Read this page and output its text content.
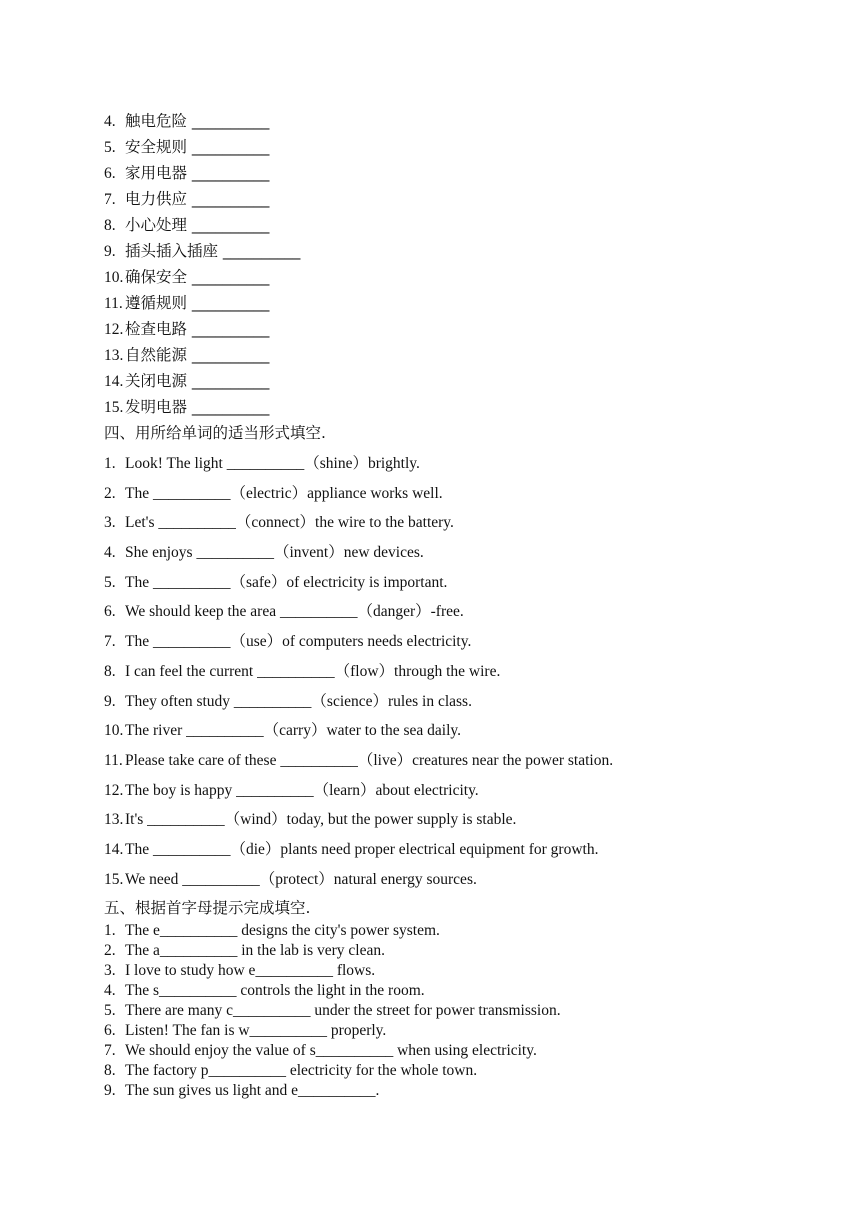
4. 触电危险 __________
5. 安全规则 __________
6. 家用电器 __________
7. 电力供应 __________
8. 小心处理 __________
9. 插头插入插座 __________
10. 确保安全 __________
11. 遵循规则 __________
12. 检查电路 __________
13. 自然能源 __________
14. 关闭电源 __________
15. 发明电器 __________
四、用所给单词的适当形式填空.
1. Look! The light __________（shine）brightly.
2. The __________（electric）appliance works well.
3. Let's __________（connect）the wire to the battery.
4. She enjoys __________（invent）new devices.
5. The __________（safe）of electricity is important.
6. We should keep the area __________（danger）-free.
7. The __________（use）of computers needs electricity.
8. I can feel the current __________（flow）through the wire.
9. They often study __________（science）rules in class.
10. The river __________（carry）water to the sea daily.
11. Please take care of these __________（live）creatures near the power station.
12. The boy is happy __________（learn）about electricity.
13. It's __________（wind）today, but the power supply is stable.
14. The __________（die）plants need proper electrical equipment for growth.
15. We need __________（protect）natural energy sources.
五、根据首字母提示完成填空.
1. The e__________ designs the city's power system.
2. The a__________ in the lab is very clean.
3. I love to study how e__________ flows.
4. The s__________ controls the light in the room.
5. There are many c__________ under the street for power transmission.
6. Listen! The fan is w__________ properly.
7. We should enjoy the value of s__________ when using electricity.
8. The factory p__________ electricity for the whole town.
9. The sun gives us light and e__________.
